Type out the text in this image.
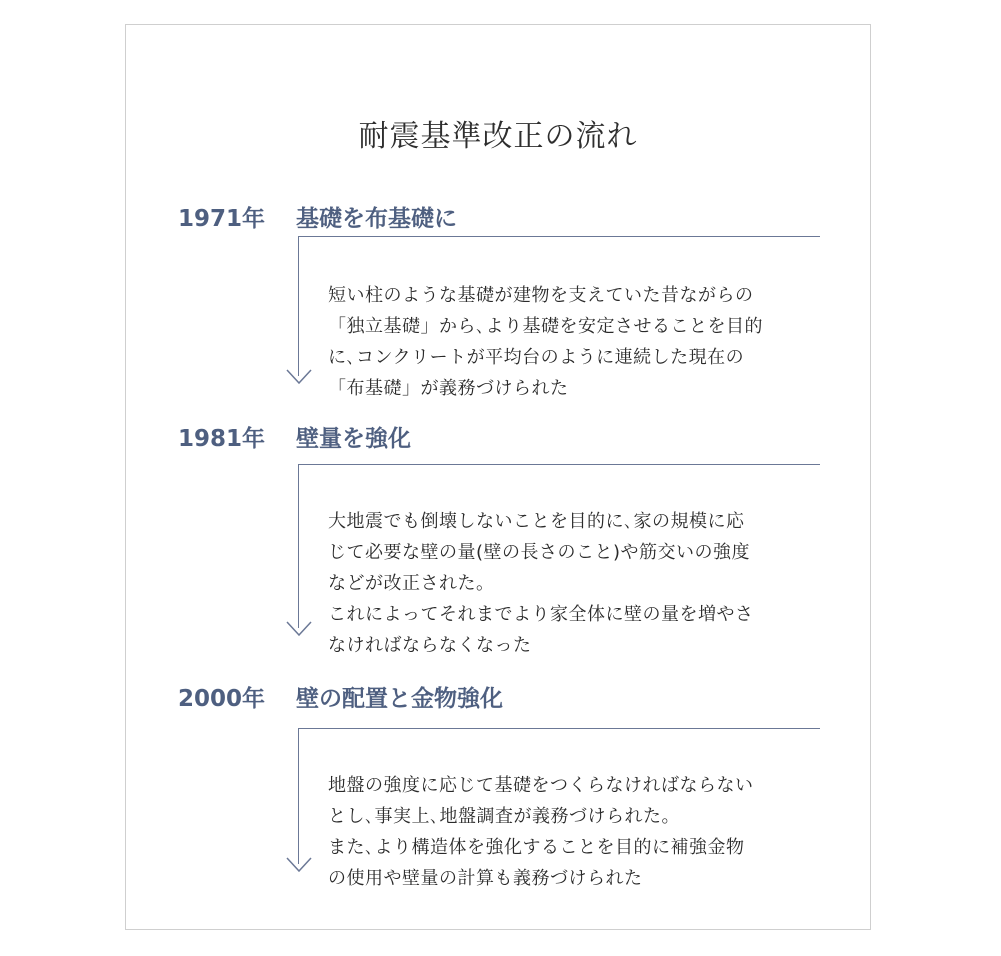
耐震基準改正の流れ
1971年 基礎を布基礎に
短い柱のような基礎が建物を支えていた昔ながらの
「独立基礎」から､より基礎を安定させることを目的
に､コンクリートが平均台のように連続した現在の
「布基礎」が義務づけられた
1981年 壁量を強化
大地震でも倒壊しないことを目的に､家の規模に応
じて必要な壁の量(壁の長さのこと)や筋交いの強度
などが改正された。
これによってそれまでより家全体に壁の量を増やさ
なければならなくなった
2000年 壁の配置と金物強化
地盤の強度に応じて基礎をつくらなければならない
とし､事実上､地盤調査が義務づけられた。
また､より構造体を強化することを目的に補強金物
の使用や壁量の計算も義務づけられた
